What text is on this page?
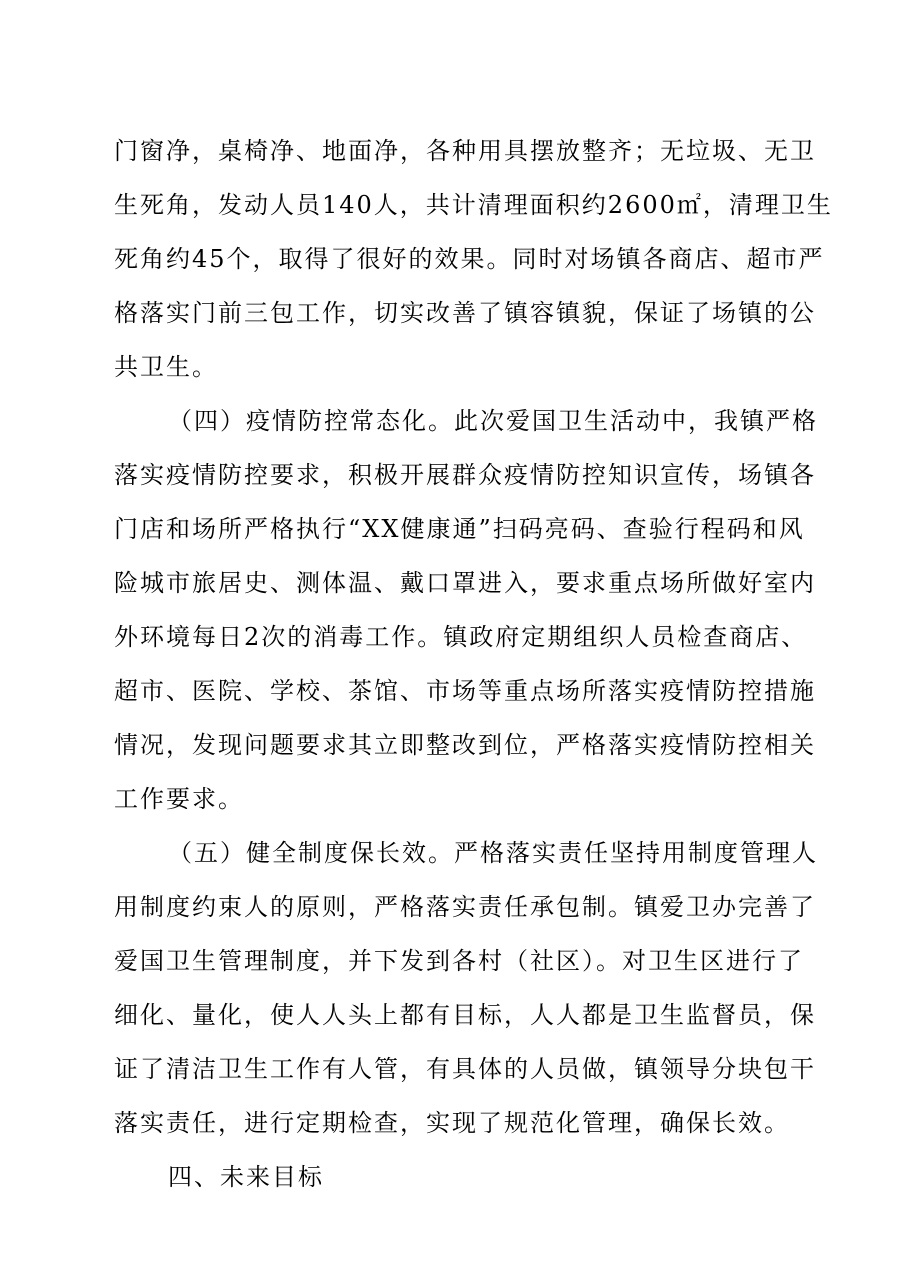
门窗净，桌椅净、地面净，各种用具摆放整齐；无垃圾、无卫
生死角，发动人员140人，共计清理面积约2600㎡，清理卫生
死角约45个，取得了很好的效果。同时对场镇各商店、超市严
格落实门前三包工作，切实改善了镇容镇貌，保证了场镇的公
共卫生。
（四）疫情防控常态化。此次爱国卫生活动中，我镇严格
落实疫情防控要求，积极开展群众疫情防控知识宣传，场镇各
门店和场所严格执行“XX健康通”扫码亮码、查验行程码和风
险城市旅居史、测体温、戴口罩进入，要求重点场所做好室内
外环境每日2次的消毒工作。镇政府定期组织人员检查商店、
超市、医院、学校、茶馆、市场等重点场所落实疫情防控措施
情况，发现问题要求其立即整改到位，严格落实疫情防控相关
工作要求。
（五）健全制度保长效。严格落实责任坚持用制度管理人
用制度约束人的原则，严格落实责任承包制。镇爱卫办完善了
爱国卫生管理制度，并下发到各村（社区）。对卫生区进行了
细化、量化，使人人头上都有目标，人人都是卫生监督员，保
证了清洁卫生工作有人管，有具体的人员做，镇领导分块包干
落实责任，进行定期检查，实现了规范化管理，确保长效。
四、未来目标
